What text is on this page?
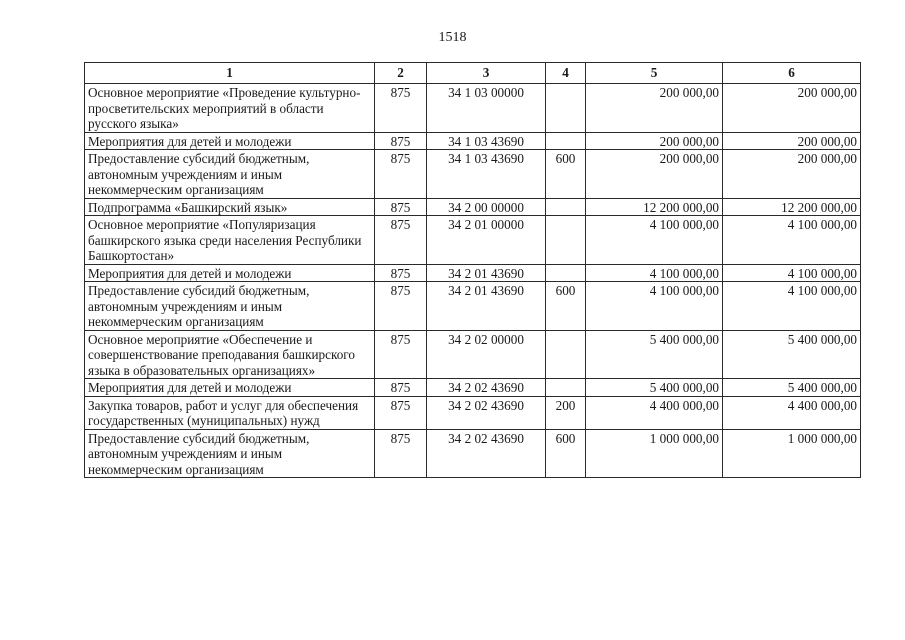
1518
1	2	3	4	5	6
Основное мероприятие «Проведение культурно-просветительских мероприятий в области русского языка»	875	34 1 03 00000		200 000,00	200 000,00
Мероприятия для детей и молодежи	875	34 1 03 43690		200 000,00	200 000,00
Предоставление субсидий бюджетным, автономным учреждениям и иным некоммерческим организациям	875	34 1 03 43690	600	200 000,00	200 000,00
Подпрограмма «Башкирский язык»	875	34 2 00 00000		12 200 000,00	12 200 000,00
Основное мероприятие «Популяризация башкирского языка среди населения Республики Башкортостан»	875	34 2 01 00000		4 100 000,00	4 100 000,00
Мероприятия для детей и молодежи	875	34 2 01 43690		4 100 000,00	4 100 000,00
Предоставление субсидий бюджетным, автономным учреждениям и иным некоммерческим организациям	875	34 2 01 43690	600	4 100 000,00	4 100 000,00
Основное мероприятие «Обеспечение и совершенствование преподавания башкирского языка в образовательных организациях»	875	34 2 02 00000		5 400 000,00	5 400 000,00
Мероприятия для детей и молодежи	875	34 2 02 43690		5 400 000,00	5 400 000,00
Закупка товаров, работ и услуг для обеспечения государственных (муниципальных) нужд	875	34 2 02 43690	200	4 400 000,00	4 400 000,00
Предоставление субсидий бюджетным, автономным учреждениям и иным некоммерческим организациям	875	34 2 02 43690	600	1 000 000,00	1 000 000,00
